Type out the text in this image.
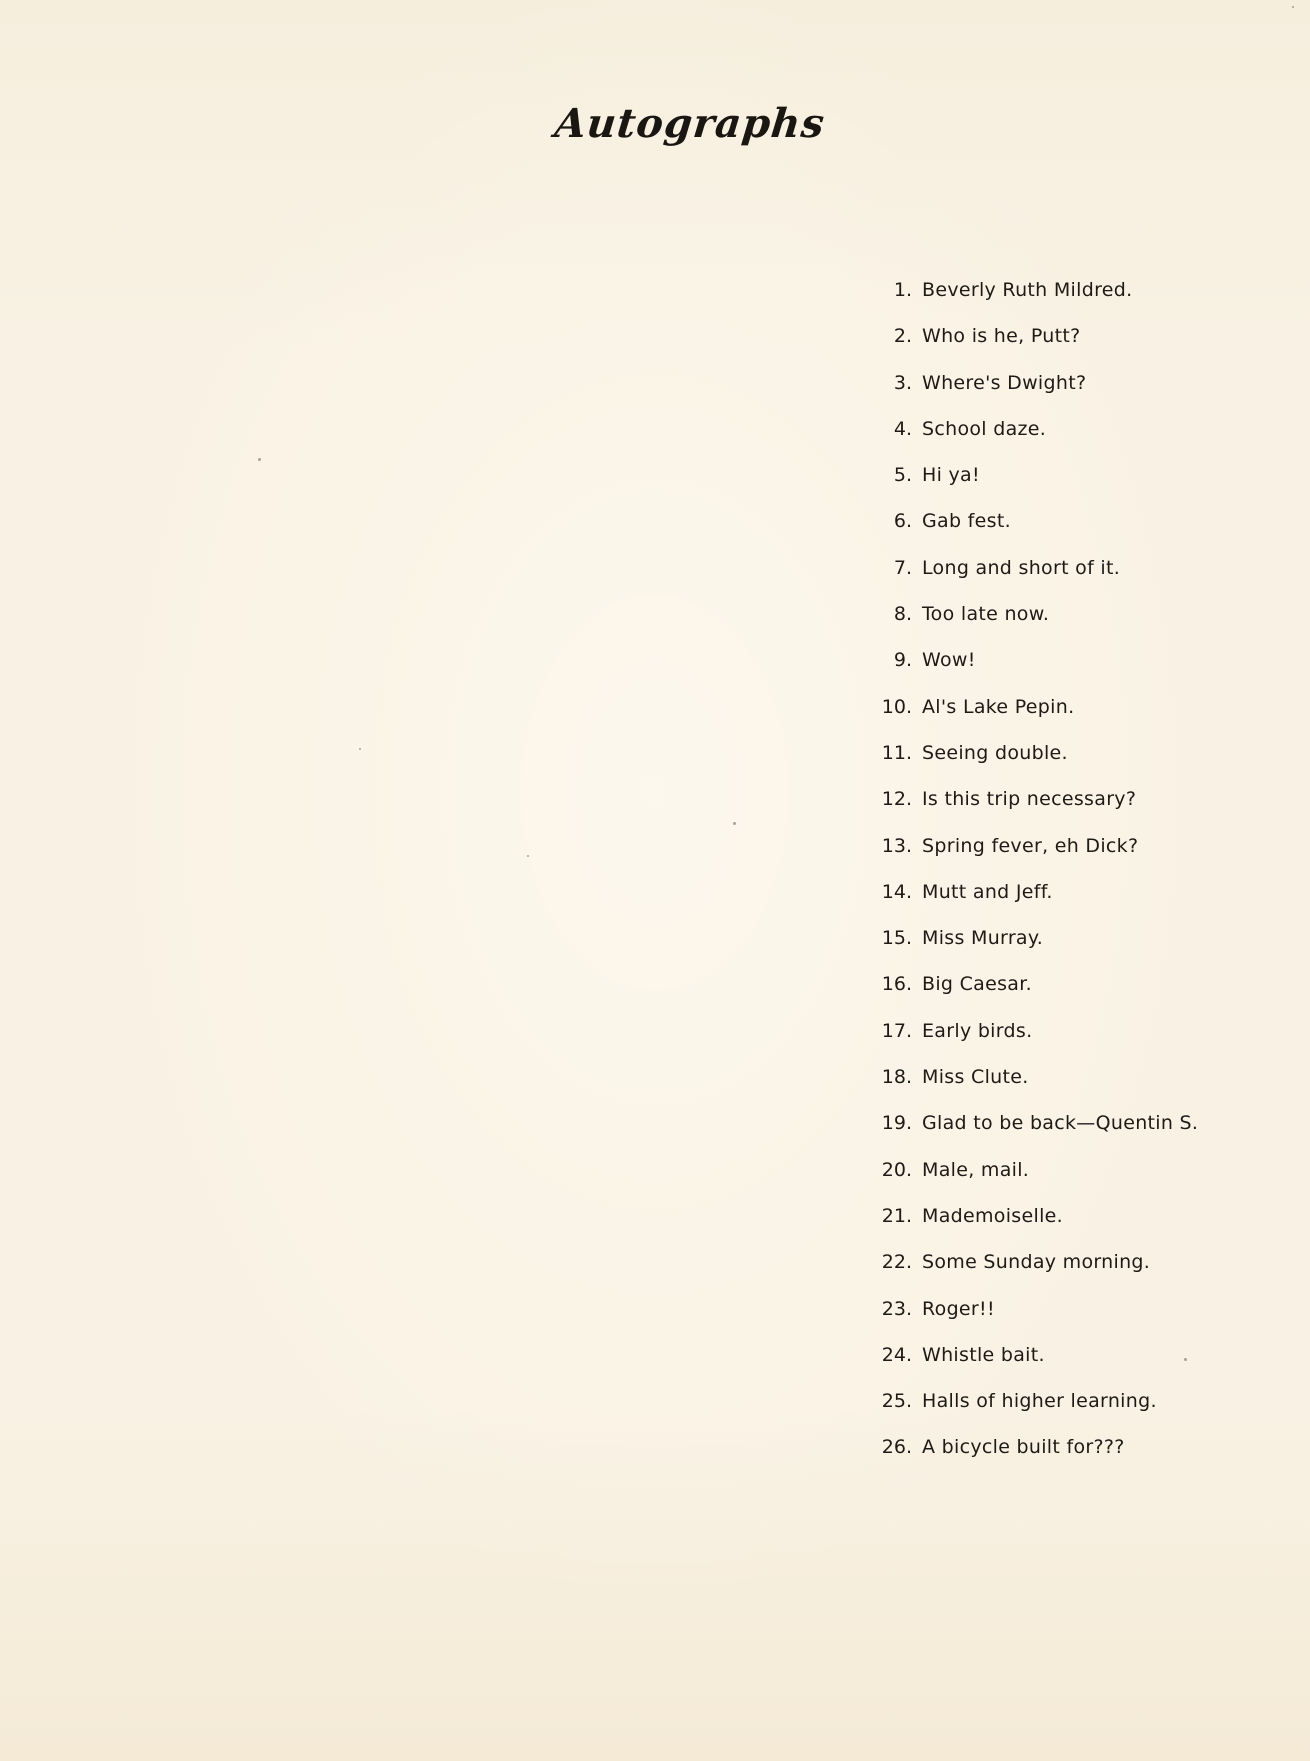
Autographs
1. Beverly Ruth Mildred.
2. Who is he, Putt?
3. Where's Dwight?
4. School daze.
5. Hi ya!
6. Gab fest.
7. Long and short of it.
8. Too late now.
9. Wow!
10. Al's Lake Pepin.
11. Seeing double.
12. Is this trip necessary?
13. Spring fever, eh Dick?
14. Mutt and Jeff.
15. Miss Murray.
16. Big Caesar.
17. Early birds.
18. Miss Clute.
19. Glad to be back—Quentin S.
20. Male, mail.
21. Mademoiselle.
22. Some Sunday morning.
23. Roger!!
24. Whistle bait.
25. Halls of higher learning.
26. A bicycle built for???
